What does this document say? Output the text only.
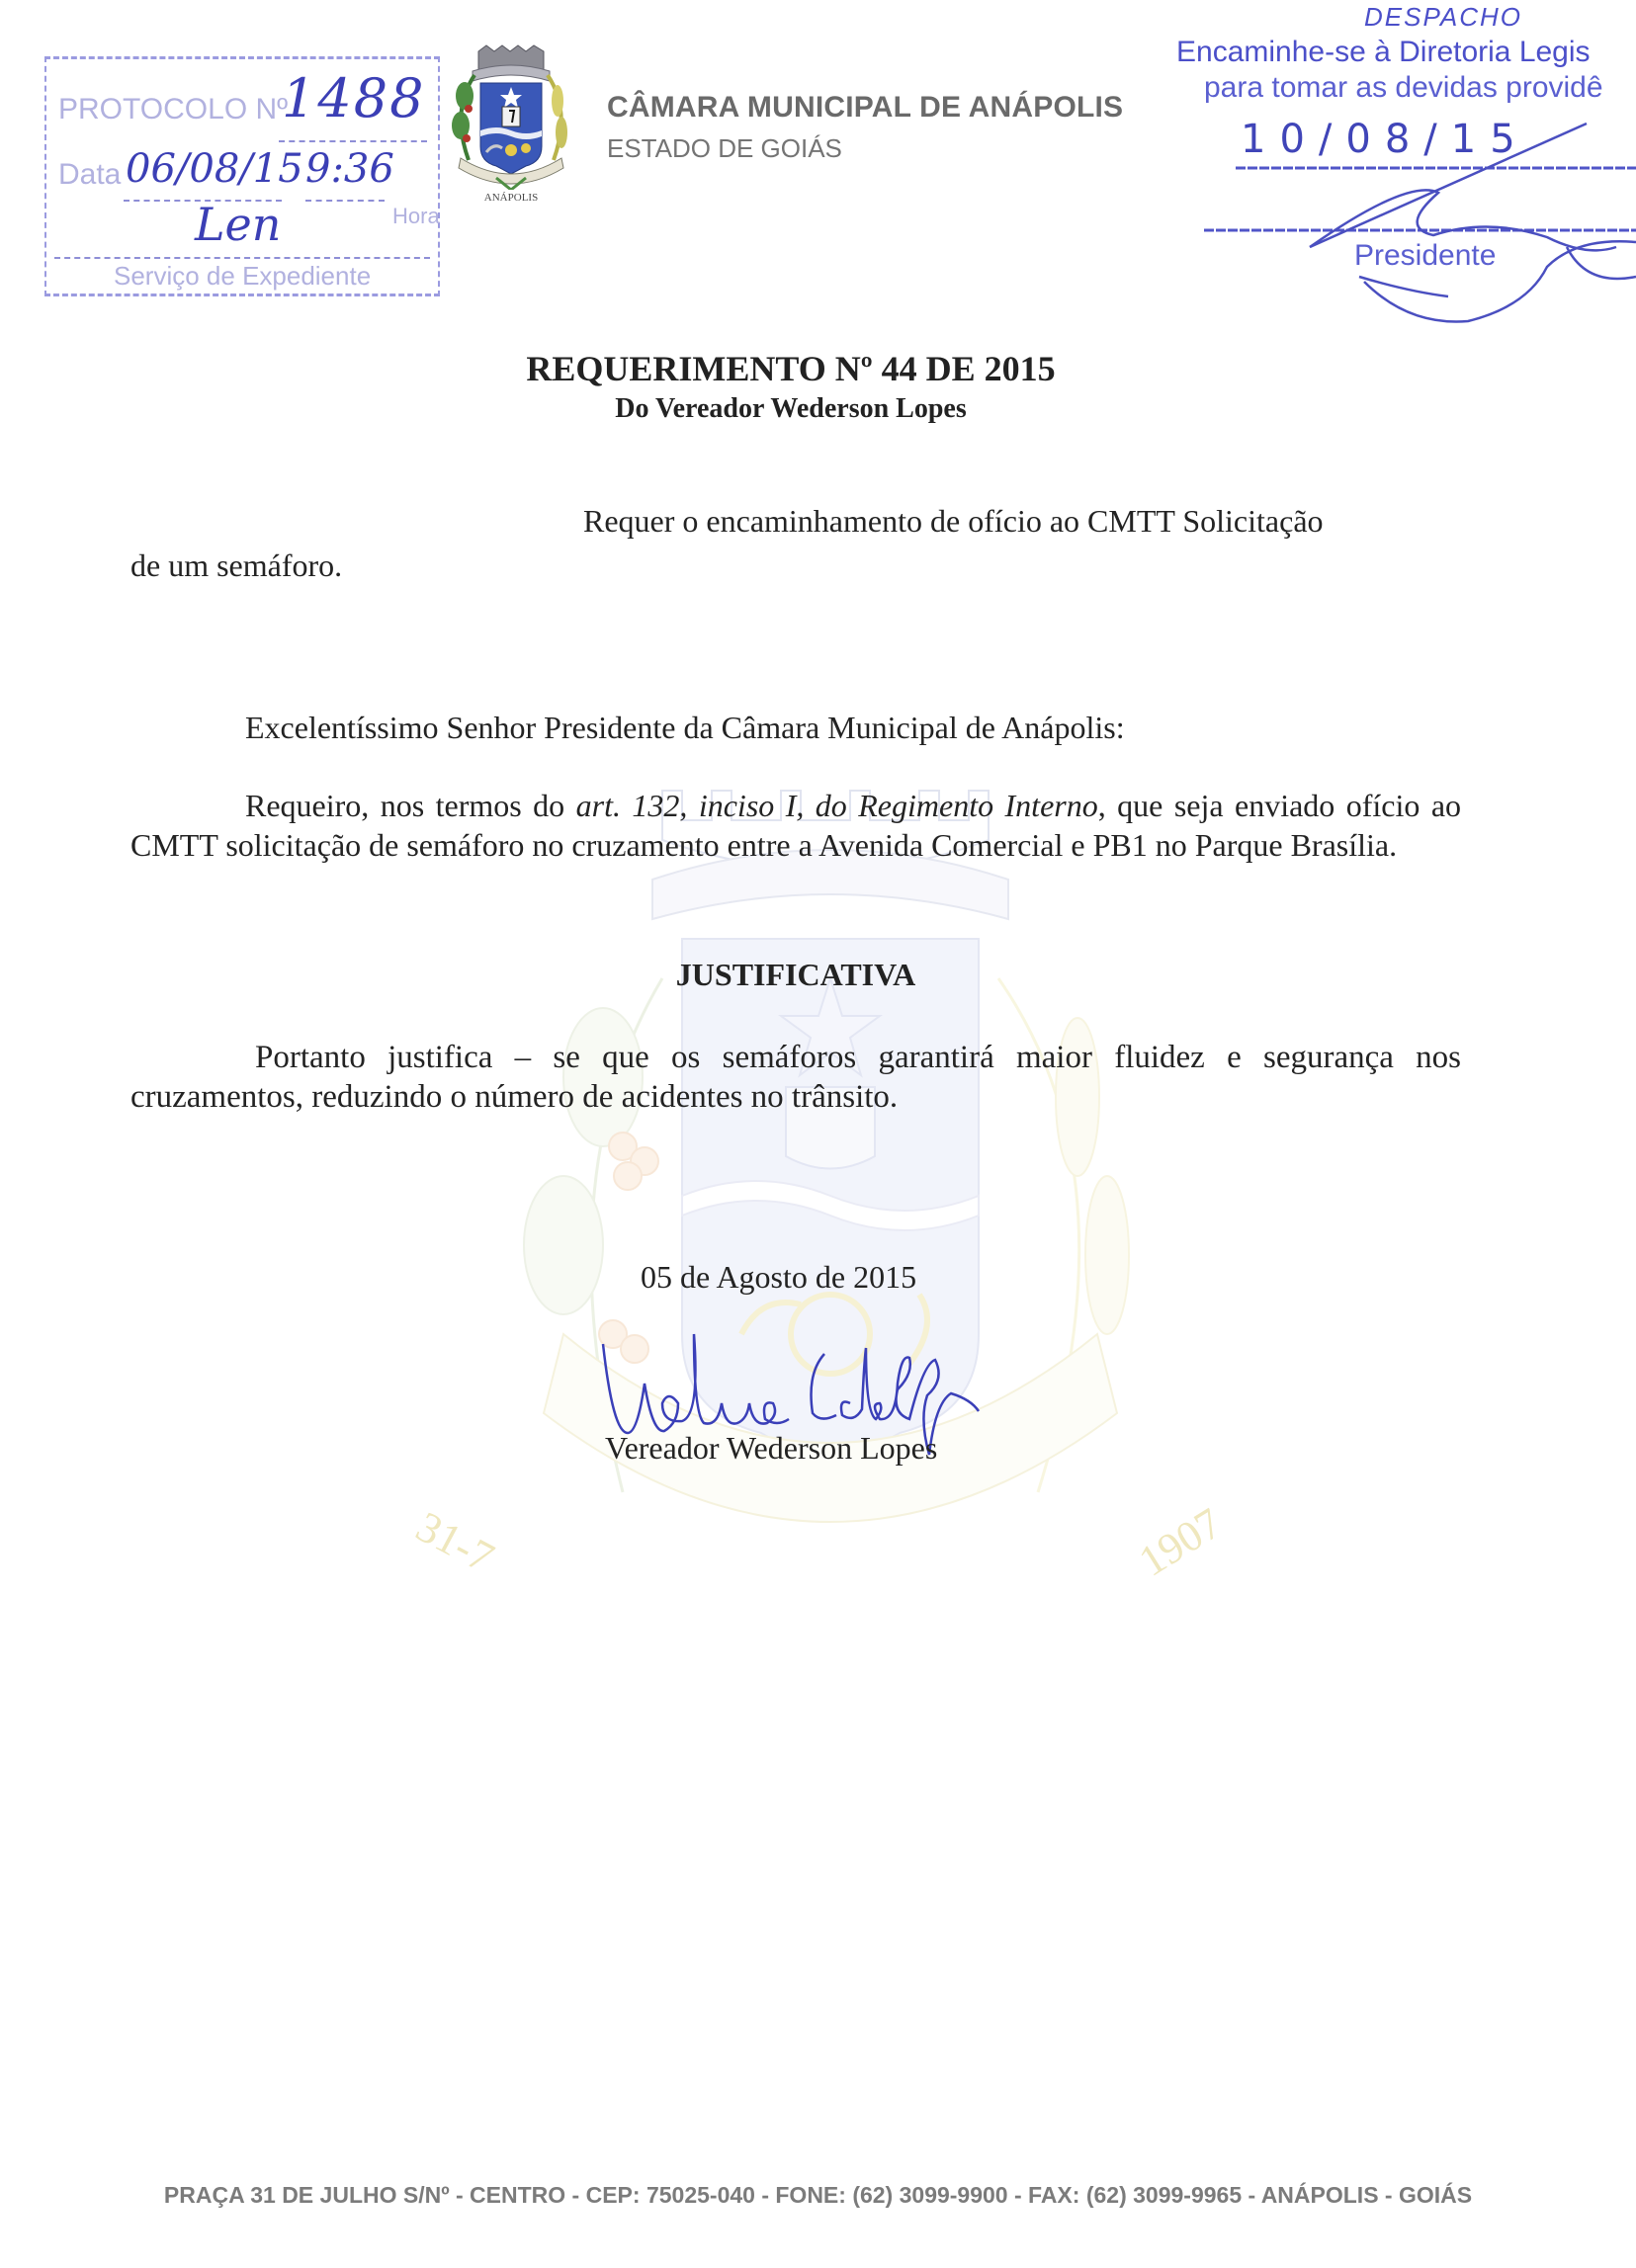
31-7	1907
PROTOCOLO Nº
1488
Data 06/08/15 9:36
Hora
Len
Serviço de Expediente
ANÁPOLIS
CÂMARA MUNICIPAL DE ANÁPOLIS
ESTADO DE GOIÁS
DESPACHO
Encaminhe-se à Diretoria Legis
para tomar as devidas providê
10/08/15
Presidente
REQUERIMENTO Nº 44 DE 2015
Do Vereador Wederson Lopes
Requer o encaminhamento de ofício ao CMTT Solicitação
de um semáforo.
Excelentíssimo Senhor Presidente da Câmara Municipal de Anápolis:
Requeiro, nos termos do art. 132, inciso I, do Regimento Interno, que seja enviado ofício ao CMTT solicitação de semáforo no cruzamento entre a Avenida Comercial e PB1 no Parque Brasília.
JUSTIFICATIVA
Portanto justifica – se que os semáforos garantirá maior fluidez e segurança nos cruzamentos, reduzindo o número de acidentes no trânsito.
05 de Agosto de 2015
Vereador Wederson Lopes
PRAÇA 31 DE JULHO S/Nº - CENTRO - CEP: 75025-040 - FONE: (62) 3099-9900 - FAX: (62) 3099-9965 - ANÁPOLIS - GOIÁS
